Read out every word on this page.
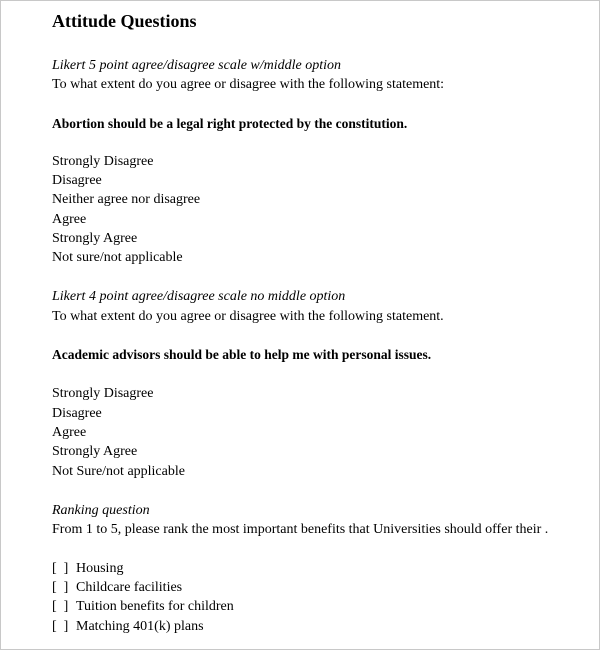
Attitude Questions
Likert 5 point agree/disagree scale w/middle option
To what extent do you agree or disagree with the following statement:
Abortion should be a legal right protected by the constitution.
Strongly Disagree
Disagree
Neither agree nor disagree
Agree
Strongly Agree
Not sure/not applicable
Likert 4 point agree/disagree scale no middle option
To what extent do you agree or disagree with the following statement.
Academic advisors should be able to help me with personal issues.
Strongly Disagree
Disagree
Agree
Strongly Agree
Not Sure/not applicable
Ranking question
From 1 to 5, please rank the most important benefits that Universities should offer their .
[ ] Housing
[ ] Childcare facilities
[ ] Tuition benefits for children
[ ] Matching 401(k) plans
